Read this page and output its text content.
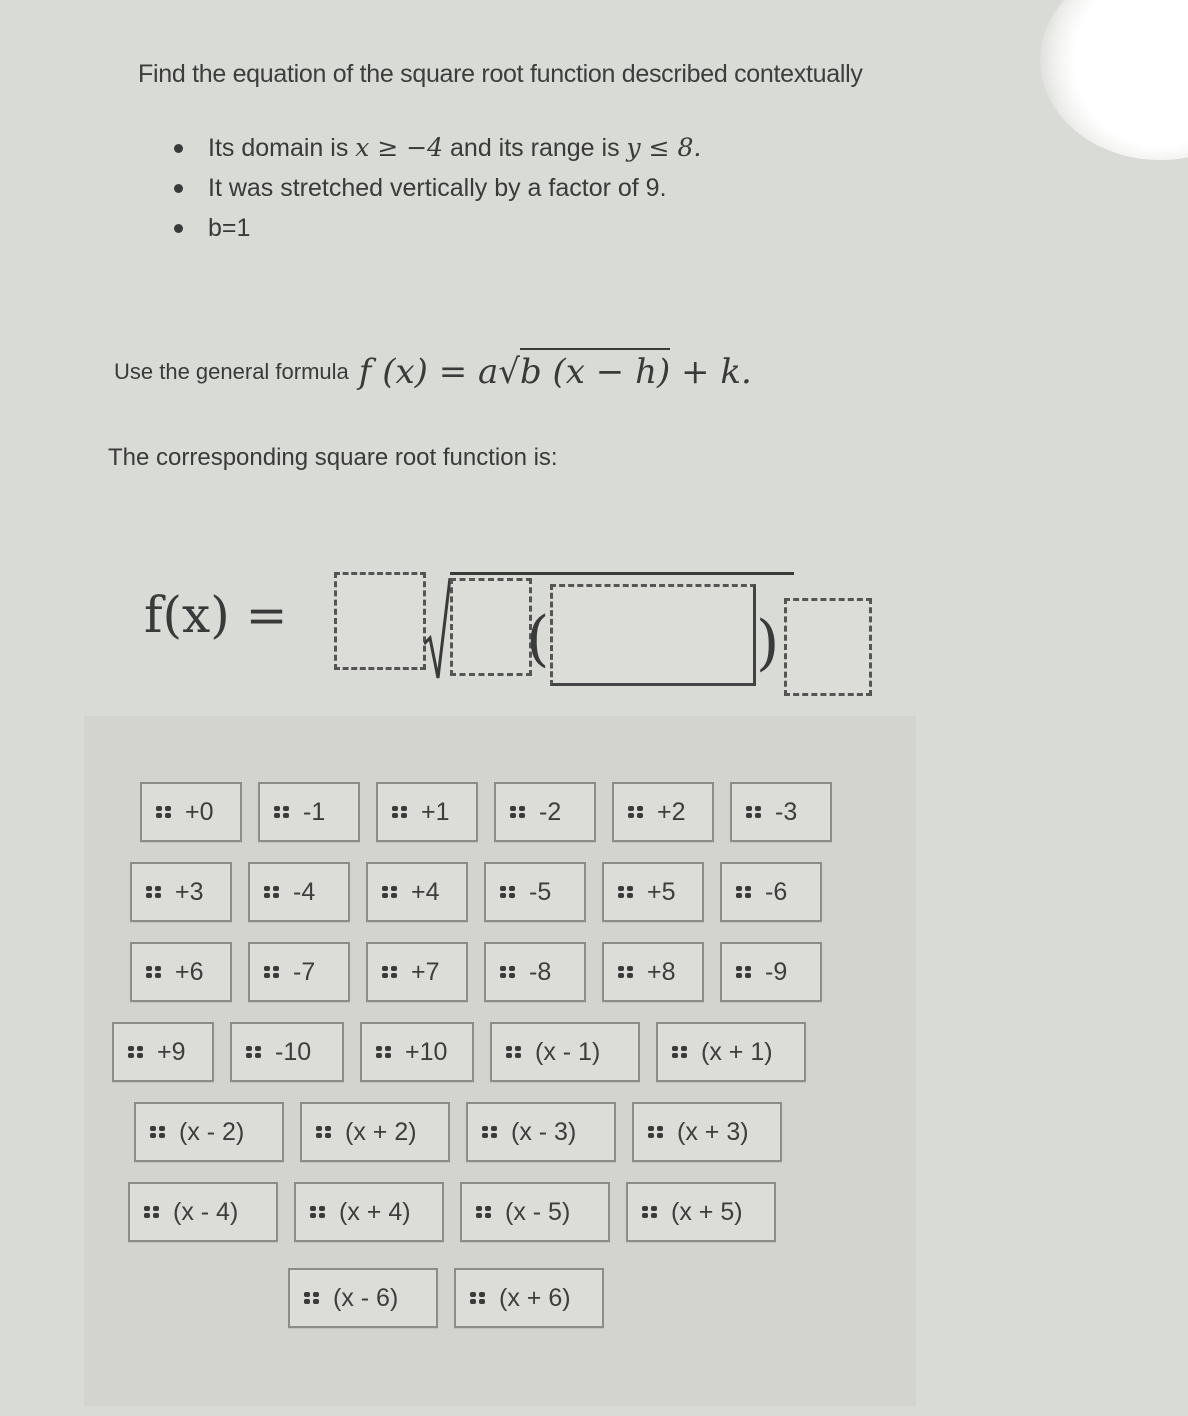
Find the equation of the square root function described contextually
Its domain is x ≥ −4 and its range is y ≤ 8.
It was stretched vertically by a factor of 9.
b=1
Use the general formula f (x) = a√b (x − h) + k.
The corresponding square root function is:
f(x) =	(	)
+0	-1	+1	-2	+2	-3
+3	-4	+4	-5	+5	-6
+6	-7	+7	-8	+8	-9
+9	-10	+10	(x - 1)	(x + 1)
(x - 2)	(x + 2)	(x - 3)	(x + 3)
(x - 4)	(x + 4)	(x - 5)	(x + 5)
(x - 6)	(x + 6)
